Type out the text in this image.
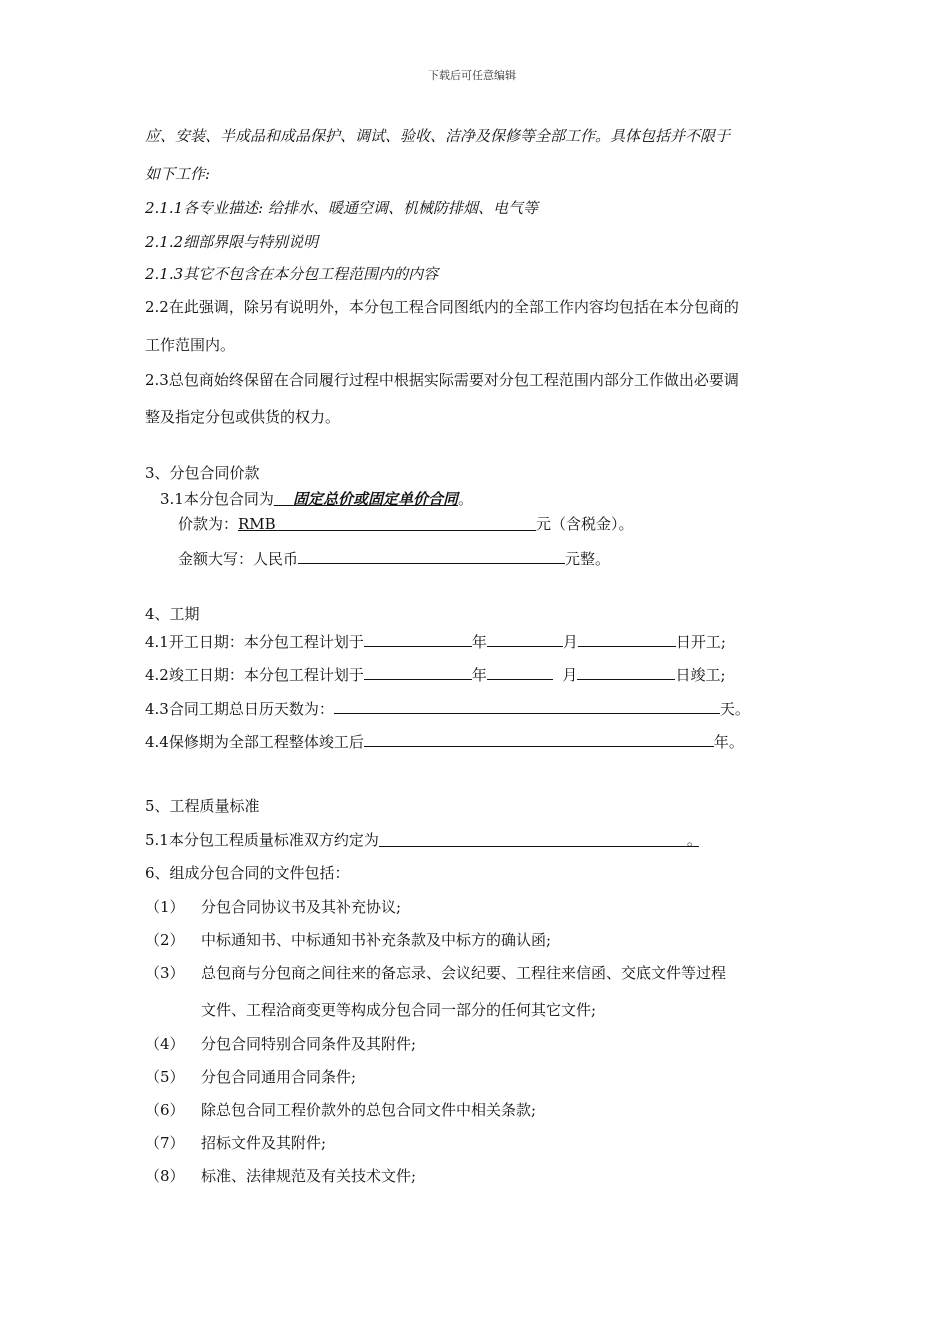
下载后可任意编辑
应、安装、半成品和成品保护、调试、验收、洁净及保修等全部工作。具体包括并不限于
如下工作:
2.1.1各专业描述: 给排水、暖通空调、机械防排烟、电气等
2.1.2细部界限与特别说明
2.1.3其它不包含在本分包工程范围内的内容
2.2在此强调，除另有说明外，本分包工程合同图纸内的全部工作内容均包括在本分包商的
工作范围内。
2.3总包商始终保留在合同履行过程中根据实际需要对分包工程范围内部分工作做出必要调
整及指定分包或供货的权力。
3、分包合同价款
3.1本分包合同为 固定总价或固定单价合同。
价款为：RMB	元（含税金）。
金额大写：人民币	元整。
4、工期
4.1开工日期：本分包工程计划于	年	月	日开工;
4.2竣工日期：本分包工程计划于	年	月	日竣工;
4.3合同工期总日历天数为：	天。
4.4保修期为全部工程整体竣工后	年。
5、工程质量标准
5.1本分包工程质量标准双方约定为	。
6、组成分包合同的文件包括：
（1） 分包合同协议书及其补充协议;
（2） 中标通知书、中标通知书补充条款及中标方的确认函;
（3） 总包商与分包商之间往来的备忘录、会议纪要、工程往来信函、交底文件等过程
文件、工程洽商变更等构成分包合同一部分的任何其它文件;
（4） 分包合同特别合同条件及其附件;
（5） 分包合同通用合同条件;
（6） 除总包合同工程价款外的总包合同文件中相关条款;
（7） 招标文件及其附件;
（8） 标准、法律规范及有关技术文件;
